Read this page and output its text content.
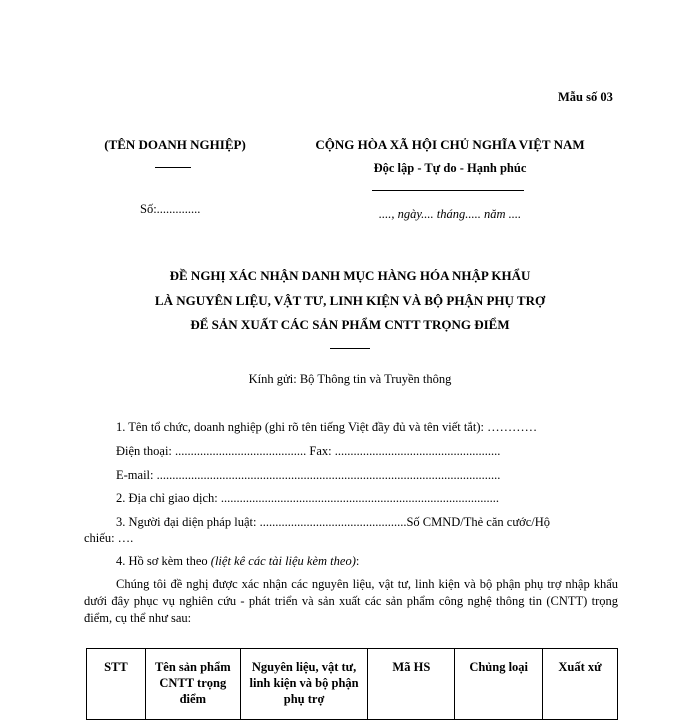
Mẫu số 03
(TÊN DOANH NGHIỆP)
Số:..............
CỘNG HÒA XÃ HỘI CHỦ NGHĨA VIỆT NAM
Độc lập - Tự do - Hạnh phúc
...., ngày.... tháng..... năm ....
ĐỀ NGHỊ XÁC NHẬN DANH MỤC HÀNG HÓA NHẬP KHẨU
LÀ NGUYÊN LIỆU, VẬT TƯ, LINH KIỆN VÀ BỘ PHẬN PHỤ TRỢ
ĐỂ SẢN XUẤT CÁC SẢN PHẨM CNTT TRỌNG ĐIỂM
Kính gửi: Bộ Thông tin và Truyền thông
1. Tên tổ chức, doanh nghiệp (ghi rõ tên tiếng Việt đầy đủ và tên viết tắt): …………
Điện thoại: .......................................... Fax: .....................................................
E-mail: ..............................................................................................................
2. Địa chỉ giao dịch: .........................................................................................
3. Người đại diện pháp luật: ...............................................Số CMND/Thẻ căn cước/Hộ
chiếu: ….
4. Hồ sơ kèm theo (liệt kê các tài liệu kèm theo):
Chúng tôi đề nghị được xác nhận các nguyên liệu, vật tư, linh kiện và bộ phận phụ trợ nhập khẩu dưới đây phục vụ nghiên cứu - phát triển và sản xuất các sản phẩm công nghệ thông tin (CNTT) trọng điểm, cụ thể như sau:
STT	Tên sản phẩm CNTT trọng điểm	Nguyên liệu, vật tư, linh kiện và bộ phận phụ trợ	Mã HS	Chủng loại	Xuất xứ
